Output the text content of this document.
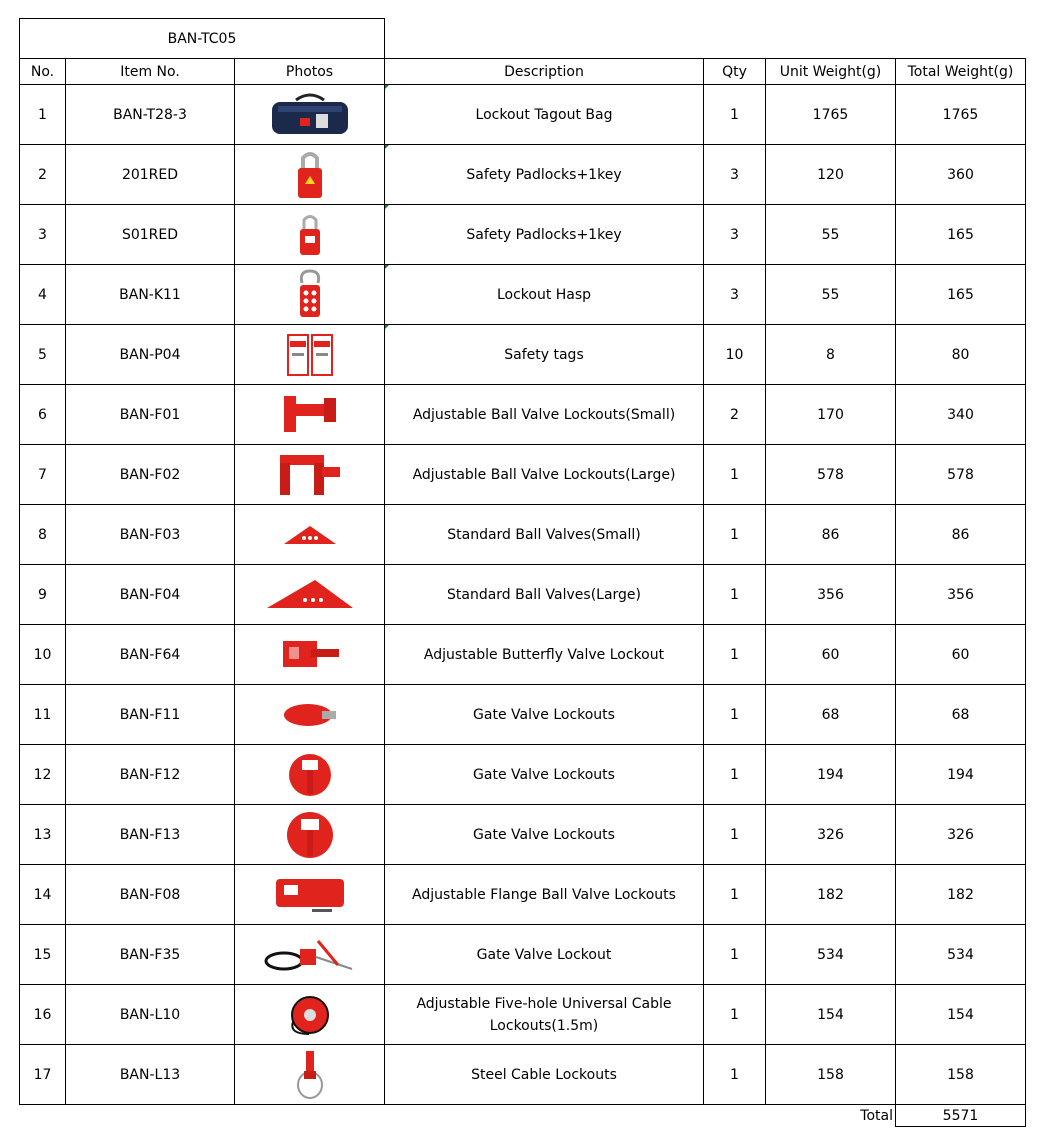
BAN-TC05						
No.	Item No.	Photos	Description	Qty	Unit Weight(g)	Total Weight(g)
1	BAN-T28-3		Lockout Tagout Bag	1	1765	1765
2	201RED		Safety Padlocks+1key	3	120	360
3	S01RED		Safety Padlocks+1key	3	55	165
4	BAN-K11		Lockout Hasp	3	55	165
5	BAN-P04		Safety tags	10	8	80
6	BAN-F01		Adjustable Ball Valve Lockouts(Small)	2	170	340
7	BAN-F02		Adjustable Ball Valve Lockouts(Large)	1	578	578
8	BAN-F03		Standard Ball Valves(Small)	1	86	86
9	BAN-F04		Standard Ball Valves(Large)	1	356	356
10	BAN-F64		Adjustable Butterfly Valve Lockout	1	60	60
11	BAN-F11		Gate Valve Lockouts	1	68	68
12	BAN-F12		Gate Valve Lockouts	1	194	194
13	BAN-F13		Gate Valve Lockouts	1	326	326
14	BAN-F08		Adjustable Flange Ball Valve Lockouts	1	182	182
15	BAN-F35		Gate Valve Lockout	1	534	534
16	BAN-L10		Adjustable Five-hole Universal Cable Lockouts(1.5m)	1	154	154
17	BAN-L13		Steel Cable Lockouts	1	158	158
					Total	5571
